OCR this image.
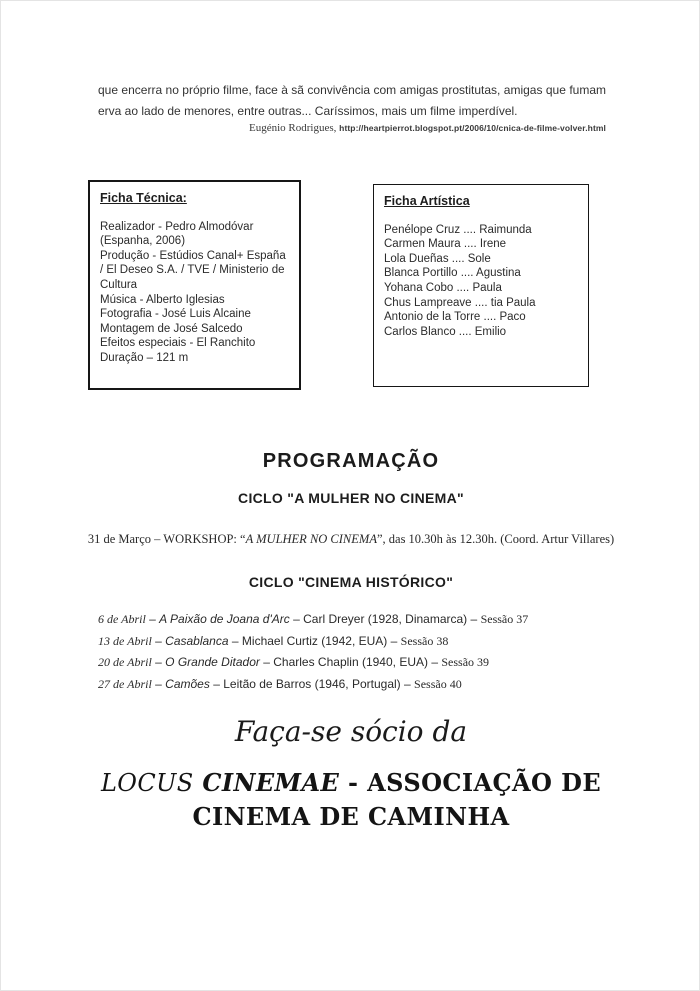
que encerra no próprio filme, face à sã convivência com amigas prostitutas, amigas que fumam erva ao lado de menores, entre outras... Caríssimos, mais um filme imperdível.

Eugénio Rodrigues, http://heartpierrot.blogspot.pt/2006/10/cnica-de-filme-volver.html
Ficha Técnica:
Realizador - Pedro Almodóvar (Espanha, 2006)
Produção - Estúdios Canal+ España / El Deseo S.A. / TVE / Ministerio de Cultura
Música - Alberto Iglesias
Fotografia - José Luis Alcaine
Montagem de José Salcedo
Efeitos especiais - El Ranchito
Duração – 121 m
Ficha Artística
Penélope Cruz .... Raimunda
Carmen Maura .... Irene
Lola Dueñas .... Sole
Blanca Portillo .... Agustina
Yohana Cobo .... Paula
Chus Lampreave .... tia Paula
Antonio de la Torre .... Paco
Carlos Blanco .... Emilio
PROGRAMAÇÃO
CICLO "A MULHER NO CINEMA"
31 de Março – WORKSHOP: “A MULHER NO CINEMA”, das 10.30h às 12.30h. (Coord. Artur Villares)
CICLO "CINEMA HISTÓRICO"
6 de Abril – A Paixão de Joana d'Arc – Carl Dreyer (1928, Dinamarca) – Sessão 37
13 de Abril – Casablanca – Michael Curtiz (1942, EUA) – Sessão 38
20 de Abril – O Grande Ditador – Charles Chaplin (1940, EUA) – Sessão 39
27 de Abril – Camões – Leitão de Barros (1946, Portugal) – Sessão 40
Faça-se sócio da
LOCUS CINEMAE - ASSOCIAÇÃO DE
CINEMA DE CAMINHA
